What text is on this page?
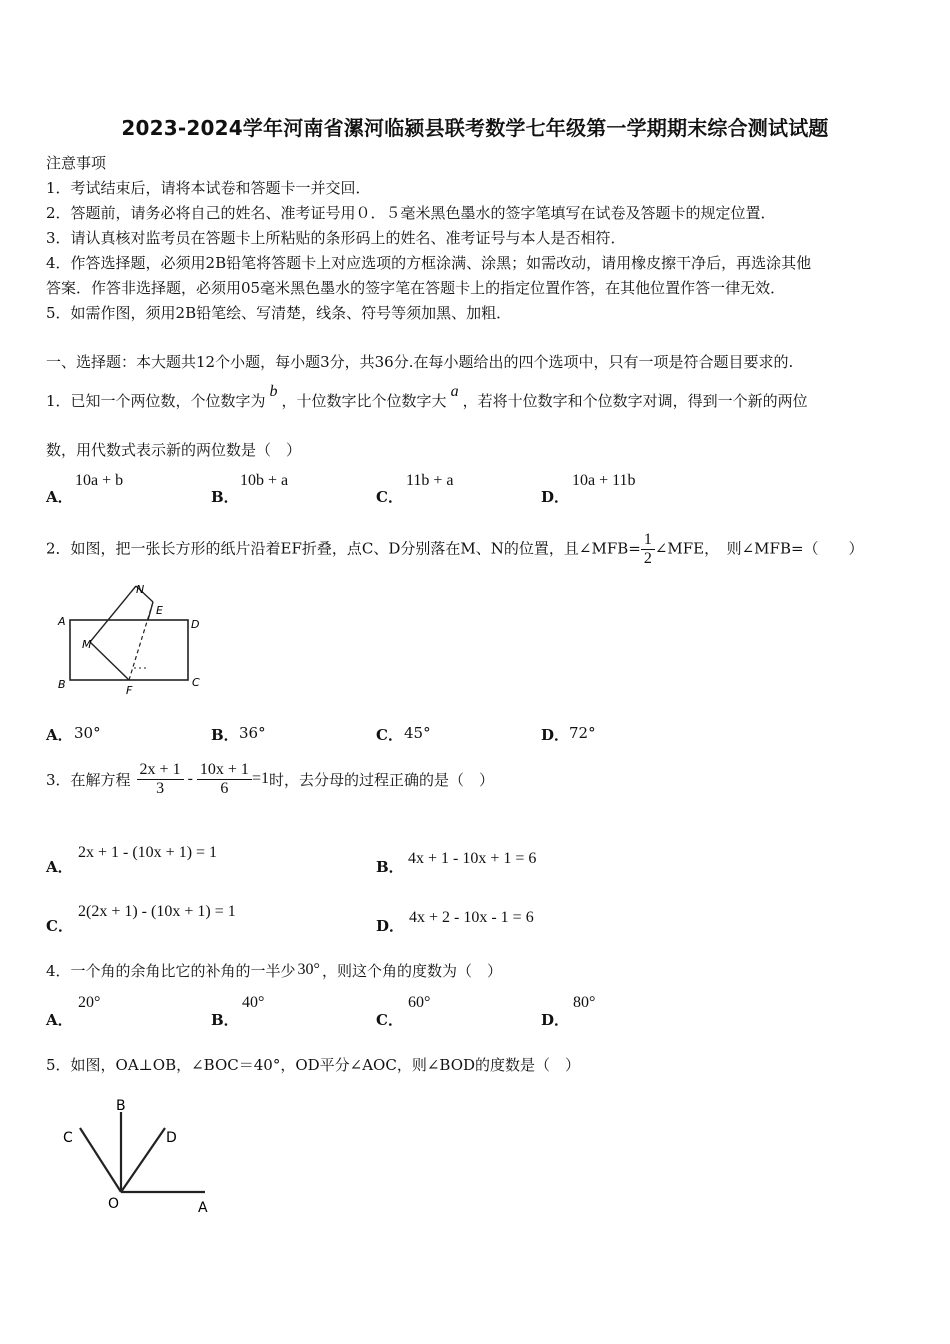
2023-2024学年河南省漯河临颍县联考数学七年级第一学期期末综合测试试题
注意事项
1．考试结束后，请将本试卷和答题卡一并交回．
2．答题前，请务必将自己的姓名、准考证号用０．５毫米黑色墨水的签字笔填写在试卷及答题卡的规定位置．
3．请认真核对监考员在答题卡上所粘贴的条形码上的姓名、准考证号与本人是否相符．
4．作答选择题，必须用2B铅笔将答题卡上对应选项的方框涂满、涂黑；如需改动，请用橡皮擦干净后，再选涂其他
答案．作答非选择题，必须用05毫米黑色墨水的签字笔在答题卡上的指定位置作答，在其他位置作答一律无效．
5．如需作图，须用2B铅笔绘、写清楚，线条、符号等须加黑、加粗．
一、选择题：本大题共12个小题，每小题3分，共36分.在每小题给出的四个选项中，只有一项是符合题目要求的.
1．已知一个两位数，个位数字为b，十位数字比个位数字大a，若将十位数字和个位数字对调，得到一个新的两位
数，用代数式表示新的两位数是（　）
A．
10a + b
B．
10b + a
C．
11b + a
D．
10a + 11b
2．如图，把一张长方形的纸片沿着EF折叠，点C、D分别落在M、N的位置，且∠MFB= $\frac{1}{2}$ ∠MFE，　则∠MFB=（　　）
A
B	C
D
E
F
M
N
A． 30°	B． 36°	C． 45°	D． 72°
3．在解方程 $\frac{2x + 1}{3} - \frac{10x + 1}{6} =1$ 时，去分母的过程正确的是（　）
A．
2x + 1 - (10x + 1) = 1
B． 4x + 1 - 10x + 1 = 6
C．
2(2x + 1) - (10x + 1) = 1
D． 4x + 2 - 10x - 1 = 6
4．一个角的余角比它的补角的一半少 30° ，则这个角的度数为（　）
A．
20°
B．
40°
C．
60°
D．
80°
5．如图，OA⊥OB，∠BOC＝40°，OD平分∠AOC，则∠BOD的度数是（　）
B
C	D
O	A
